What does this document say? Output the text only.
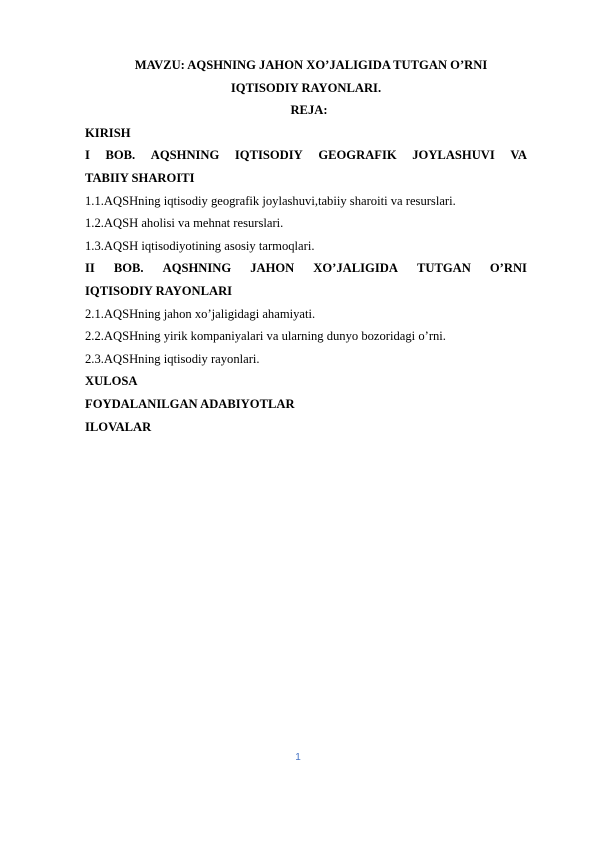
MAVZU: AQSHNING JAHON XO’JALIGIDA TUTGAN O’RNI
IQTISODIY RAYONLARI.
REJA:
KIRISH
I BOB. AQSHNING IQTISODIY GEOGRAFIK JOYLASHUVI VA
TABIIY SHAROITI
1.1.AQSHning iqtisodiy geografik joylashuvi,tabiiy sharoiti va resurslari.
1.2.AQSH aholisi va mehnat resurslari.
1.3.AQSH iqtisodiyotining asosiy tarmoqlari.
II BOB. AQSHNING JAHON XO’JALIGIDA TUTGAN O’RNI
IQTISODIY RAYONLARI
2.1.AQSHning jahon xo’jaligidagi ahamiyati.
2.2.AQSHning yirik kompaniyalari va ularning dunyo bozoridagi o’rni.
2.3.AQSHning iqtisodiy rayonlari.
XULOSA
FOYDALANILGAN ADABIYOTLAR
ILOVALAR
1
